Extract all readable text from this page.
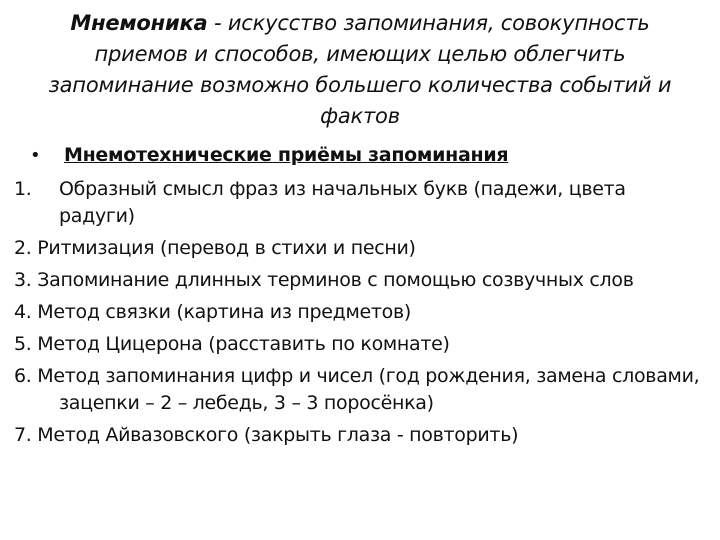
Мнемоника - искусство запоминания, совокупность приемов и способов, имеющих целью облегчить запоминание возможно большего количества событий и фактов
•	Мнемотехнические приёмы запоминания
1.	Образный смысл фраз из начальных букв (падежи, цвета радуги)
2. Ритмизация (перевод в стихи и песни)
3. Запоминание длинных терминов с помощью созвучных слов
4. Метод связки (картина из предметов)
5. Метод Цицерона (расставить по комнате)
6. Метод запоминания цифр и чисел (год рождения, замена словами, зацепки – 2 – лебедь, 3 – 3 поросёнка)
7. Метод Айвазовского (закрыть глаза - повторить)
